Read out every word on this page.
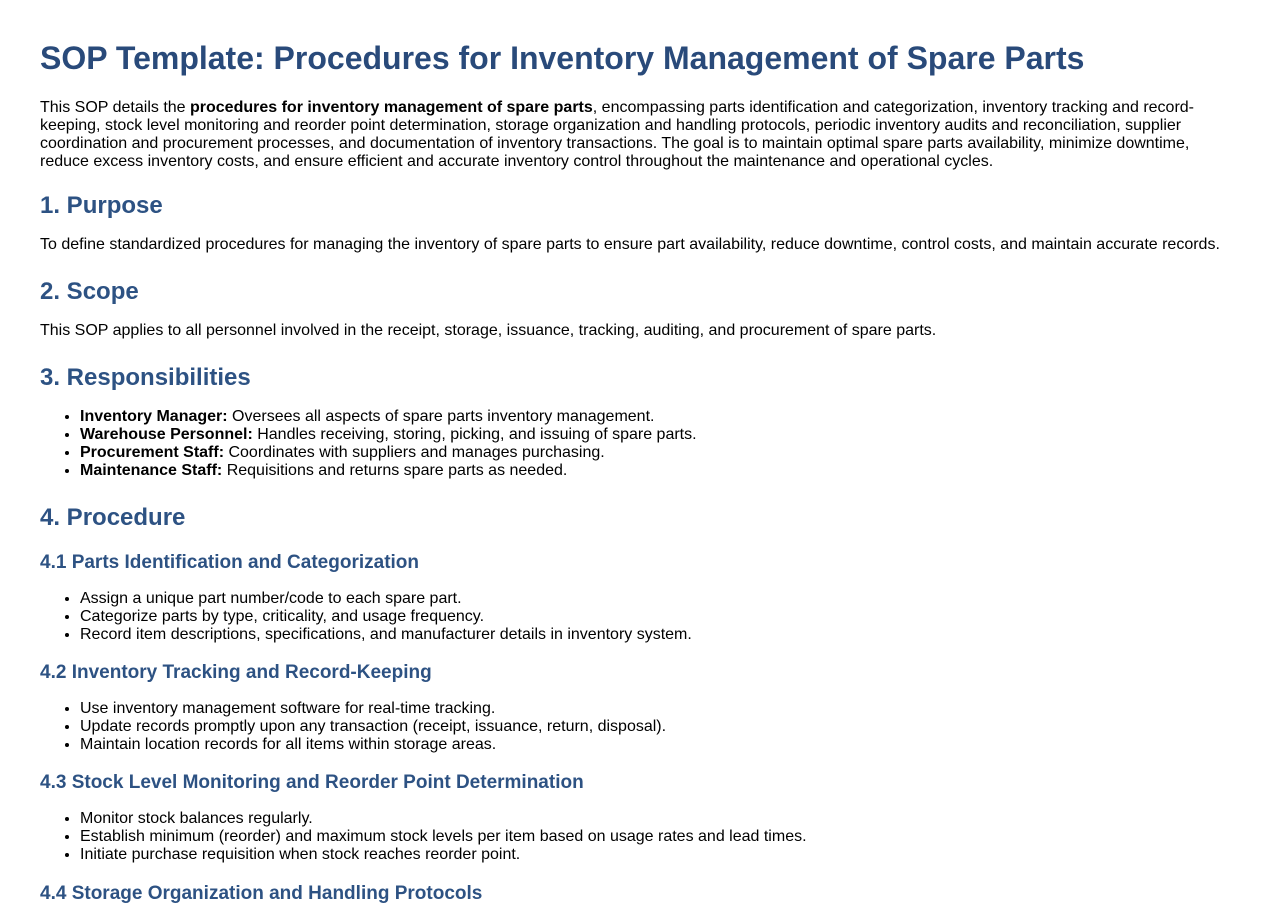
SOP Template: Procedures for Inventory Management of Spare Parts

This SOP details the procedures for inventory management of spare parts, encompassing parts identification and categorization, inventory tracking and record-keeping, stock level monitoring and reorder point determination, storage organization and handling protocols, periodic inventory audits and reconciliation, supplier coordination and procurement processes, and documentation of inventory transactions. The goal is to maintain optimal spare parts availability, minimize downtime, reduce excess inventory costs, and ensure efficient and accurate inventory control throughout the maintenance and operational cycles.

1. Purpose

To define standardized procedures for managing the inventory of spare parts to ensure part availability, reduce downtime, control costs, and maintain accurate records.

2. Scope

This SOP applies to all personnel involved in the receipt, storage, issuance, tracking, auditing, and procurement of spare parts.

3. Responsibilities
• Inventory Manager: Oversees all aspects of spare parts inventory management.
• Warehouse Personnel: Handles receiving, storing, picking, and issuing of spare parts.
• Procurement Staff: Coordinates with suppliers and manages purchasing.
• Maintenance Staff: Requisitions and returns spare parts as needed.
4. Procedure
4.1 Parts Identification and Categorization
• Assign a unique part number/code to each spare part.
• Categorize parts by type, criticality, and usage frequency.
• Record item descriptions, specifications, and manufacturer details in inventory system.
4.2 Inventory Tracking and Record-Keeping
• Use inventory management software for real-time tracking.
• Update records promptly upon any transaction (receipt, issuance, return, disposal).
• Maintain location records for all items within storage areas.
4.3 Stock Level Monitoring and Reorder Point Determination
• Monitor stock balances regularly.
• Establish minimum (reorder) and maximum stock levels per item based on usage rates and lead times.
• Initiate purchase requisition when stock reaches reorder point.
4.4 Storage Organization and Handling Protocols
